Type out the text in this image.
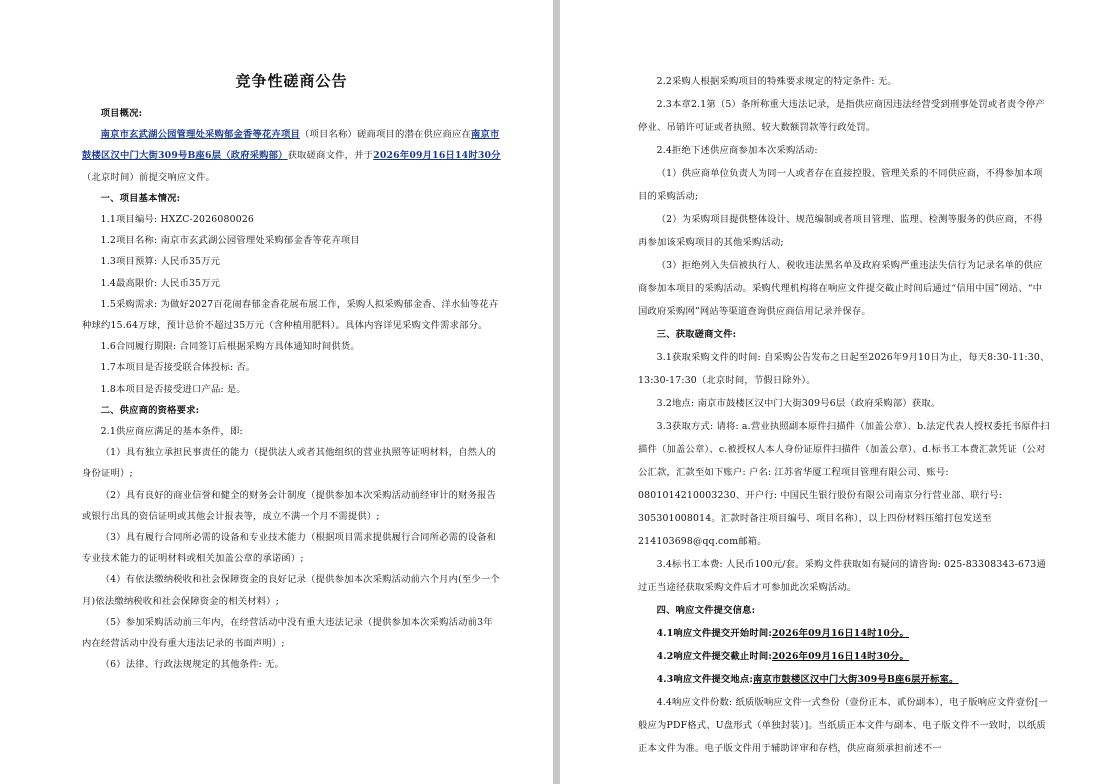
竞争性磋商公告

项目概况:

南京市玄武湖公园管理处采购郁金香等花卉项目（项目名称）磋商项目的潜在供应商应在南京市鼓楼区汉中门大街309号B座6层（政府采购部）获取磋商文件，并于2026年09月16日14时30分（北京时间）前提交响应文件。

一、项目基本情况:

1.1项目编号: HXZC-2026080026

1.2项目名称: 南京市玄武湖公园管理处采购郁金香等花卉项目

1.3项目预算: 人民币35万元

1.4最高限价: 人民币35万元

1.5采购需求: 为做好2027百花闹春郁金香花展布展工作，采购人拟采购郁金香、洋水仙等花卉种球约15.64万球，预计总价不超过35万元（含种植用肥料）。具体内容详见采购文件需求部分。

1.6合同履行期限: 合同签订后根据采购方具体通知时间供货。

1.7本项目是否接受联合体投标: 否。

1.8本项目是否接受进口产品: 是。

二、供应商的资格要求:

2.1供应商应满足的基本条件，即:

（1）具有独立承担民事责任的能力（提供法人或者其他组织的营业执照等证明材料，自然人的身份证明）;

（2）具有良好的商业信誉和健全的财务会计制度（提供参加本次采购活动前经审计的财务报告或银行出具的资信证明或其他会计报表等，成立不满一个月不需提供）;

（3）具有履行合同所必需的设备和专业技术能力（根据项目需求提供履行合同所必需的设备和专业技术能力的证明材料或相关加盖公章的承诺函）;

（4）有依法缴纳税收和社会保障资金的良好记录（提供参加本次采购活动前六个月内(至少一个月)依法缴纳税收和社会保障资金的相关材料）;

（5）参加采购活动前三年内，在经营活动中没有重大违法记录（提供参加本次采购活动前3年内在经营活动中没有重大违法记录的书面声明）;

（6）法律、行政法规规定的其他条件: 无。

2.2采购人根据采购项目的特殊要求规定的特定条件: 无。

2.3本章2.1第（5）条所称重大违法记录，是指供应商因违法经营受到刑事处罚或者责令停产停业、吊销许可证或者执照、较大数额罚款等行政处罚。

2.4拒绝下述供应商参加本次采购活动:

（1）供应商单位负责人为同一人或者存在直接控股、管理关系的不同供应商，不得参加本项目的采购活动;

（2）为采购项目提供整体设计、规范编制或者项目管理、监理、检测等服务的供应商，不得再参加该采购项目的其他采购活动;

（3）拒绝列入失信被执行人、税收违法黑名单及政府采购严重违法失信行为记录名单的供应商参加本项目的采购活动。采购代理机构将在响应文件提交截止时间后通过“信用中国”网站、“中国政府采购网”网站等渠道查询供应商信用记录并保存。

三、获取磋商文件:

3.1获取采购文件的时间: 自采购公告发布之日起至2026年9月10日为止，每天8:30-11:30、13:30-17:30（北京时间，节假日除外）。

3.2地点: 南京市鼓楼区汉中门大街309号6层（政府采购部）获取。

3.3获取方式: 请将: a.营业执照副本原件扫描件（加盖公章）、b.法定代表人授权委托书原件扫描件（加盖公章）、c.被授权人本人身份证原件扫描件（加盖公章）、d.标书工本费汇款凭证（公对公汇款，汇款至如下账户: 户名: 江苏省华厦工程项目管理有限公司、账号: 0801014210003230、开户行: 中国民生银行股份有限公司南京分行营业部、联行号: 305301008014。汇款时备注项目编号、项目名称），以上四份材料压缩打包发送至214103698@qq.com邮箱。

3.4标书工本费: 人民币100元/套。采购文件获取如有疑问的请咨询: 025-83308343-673通过正当途径获取采购文件后才可参加此次采购活动。

四、响应文件提交信息:

4.1响应文件提交开始时间:2026年09月16日14时10分。

4.2响应文件提交截止时间:2026年09月16日14时30分。

4.3响应文件提交地点:南京市鼓楼区汉中门大街309号B座6层开标室。

4.4响应文件份数: 纸质版响应文件一式叁份（壹份正本、贰份副本），电子版响应文件壹份[一般应为PDF格式、U盘形式（单独封装）]。当纸质正本文件与副本、电子版文件不一致时，以纸质正本文件为准。电子版文件用于辅助评审和存档，供应商须承担前述不一
